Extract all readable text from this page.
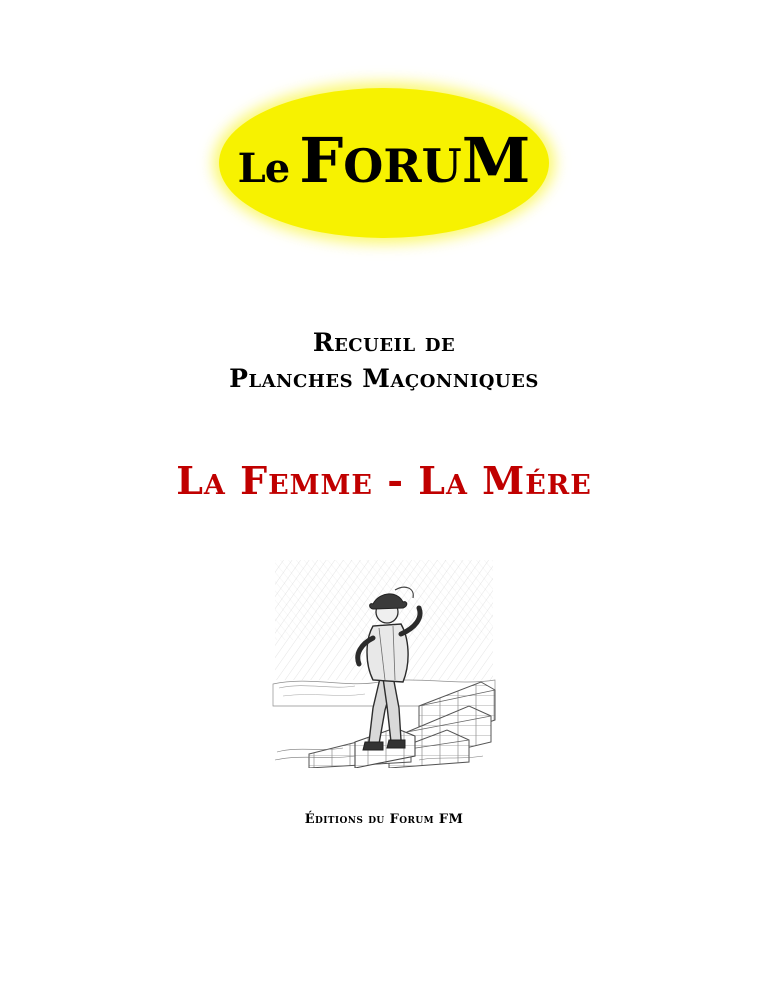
Le FORUM
Recueil de
Planches Maçonniques
La Femme - La Mére
Éditions du Forum FM
